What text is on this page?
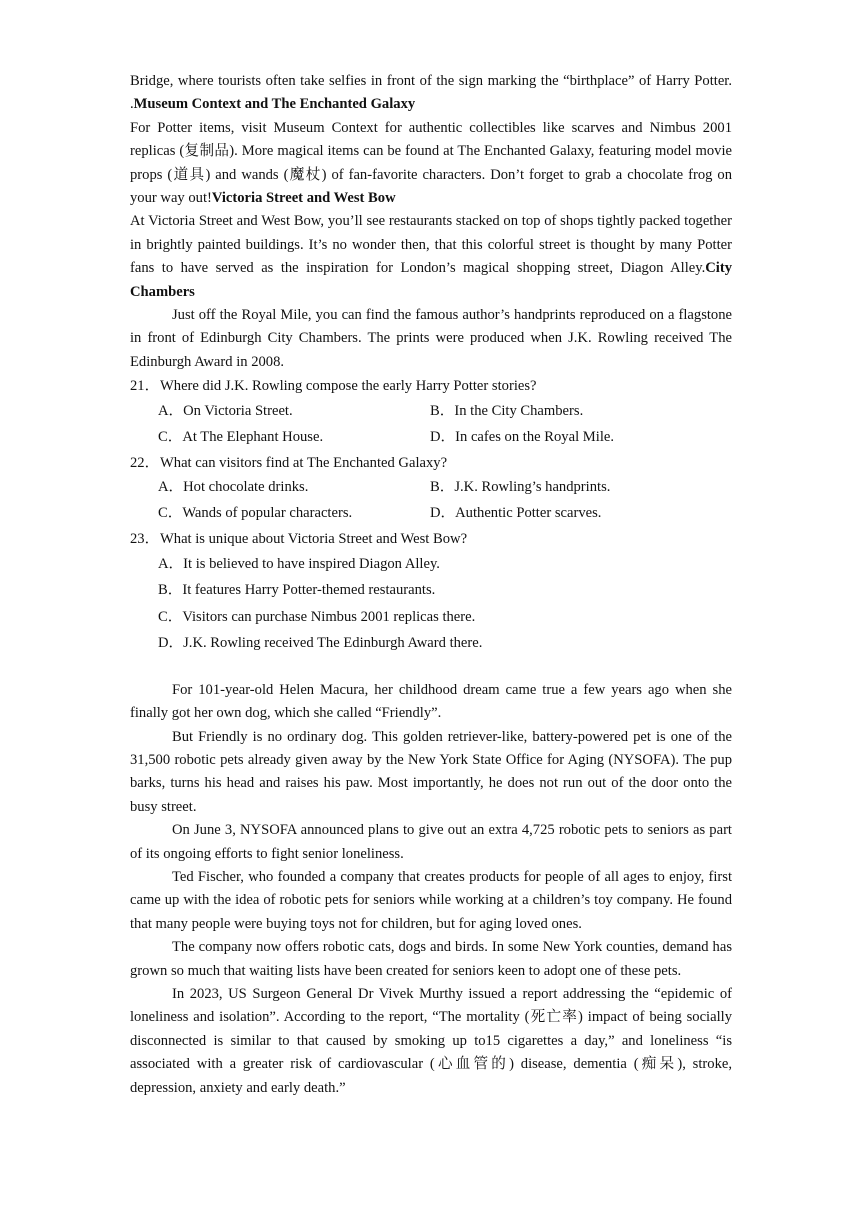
Bridge, where tourists often take selfies in front of the sign marking the “birthplace” of Harry Potter. .Museum Context and The Enchanted Galaxy

For Potter items, visit Museum Context for authentic collectibles like scarves and Nimbus 2001 replicas (复制品). More magical items can be found at The Enchanted Galaxy, featuring model movie props (道具) and wands (魔杖) of fan-favorite characters. Don’t forget to grab a chocolate frog on your way out!Victoria Street and West Bow

At Victoria Street and West Bow, you’ll see restaurants stacked on top of shops tightly packed together in brightly painted buildings. It’s no wonder then, that this colorful street is thought by many Potter fans to have served as the inspiration for London’s magical shopping street, Diagon Alley.City Chambers

Just off the Royal Mile, you can find the famous author’s handprints reproduced on a flagstone in front of Edinburgh City Chambers. The prints were produced when J.K. Rowling received The Edinburgh Award in 2008.

21．Where did J.K. Rowling compose the early Harry Potter stories?

A．On Victoria Street.	B．In the City Chambers.
C．At The Elephant House.	D．In cafes on the Royal Mile.

22．What can visitors find at The Enchanted Galaxy?

A．Hot chocolate drinks.	B．J.K. Rowling’s handprints.
C．Wands of popular characters.	D．Authentic Potter scarves.

23．What is unique about Victoria Street and West Bow?

A．It is believed to have inspired Diagon Alley.
B．It features Harry Potter-themed restaurants.
C．Visitors can purchase Nimbus 2001 replicas there.
D．J.K. Rowling received The Edinburgh Award there.

For 101-year-old Helen Macura, her childhood dream came true a few years ago when she finally got her own dog, which she called “Friendly”.

But Friendly is no ordinary dog. This golden retriever-like, battery-powered pet is one of the 31,500 robotic pets already given away by the New York State Office for Aging (NYSOFA). The pup barks, turns his head and raises his paw. Most importantly, he does not run out of the door onto the busy street.

On June 3, NYSOFA announced plans to give out an extra 4,725 robotic pets to seniors as part of its ongoing efforts to fight senior loneliness.

Ted Fischer, who founded a company that creates products for people of all ages to enjoy, first came up with the idea of robotic pets for seniors while working at a children’s toy company. He found that many people were buying toys not for children, but for aging loved ones.

The company now offers robotic cats, dogs and birds. In some New York counties, demand has grown so much that waiting lists have been created for seniors keen to adopt one of these pets.

In 2023, US Surgeon General Dr Vivek Murthy issued a report addressing the “epidemic of loneliness and isolation”. According to the report, “The mortality (死亡率) impact of being socially disconnected is similar to that caused by smoking up to15 cigarettes a day,” and loneliness “is associated with a greater risk of cardiovascular (心血管的) disease, dementia (痴呆), stroke, depression, anxiety and early death.”
